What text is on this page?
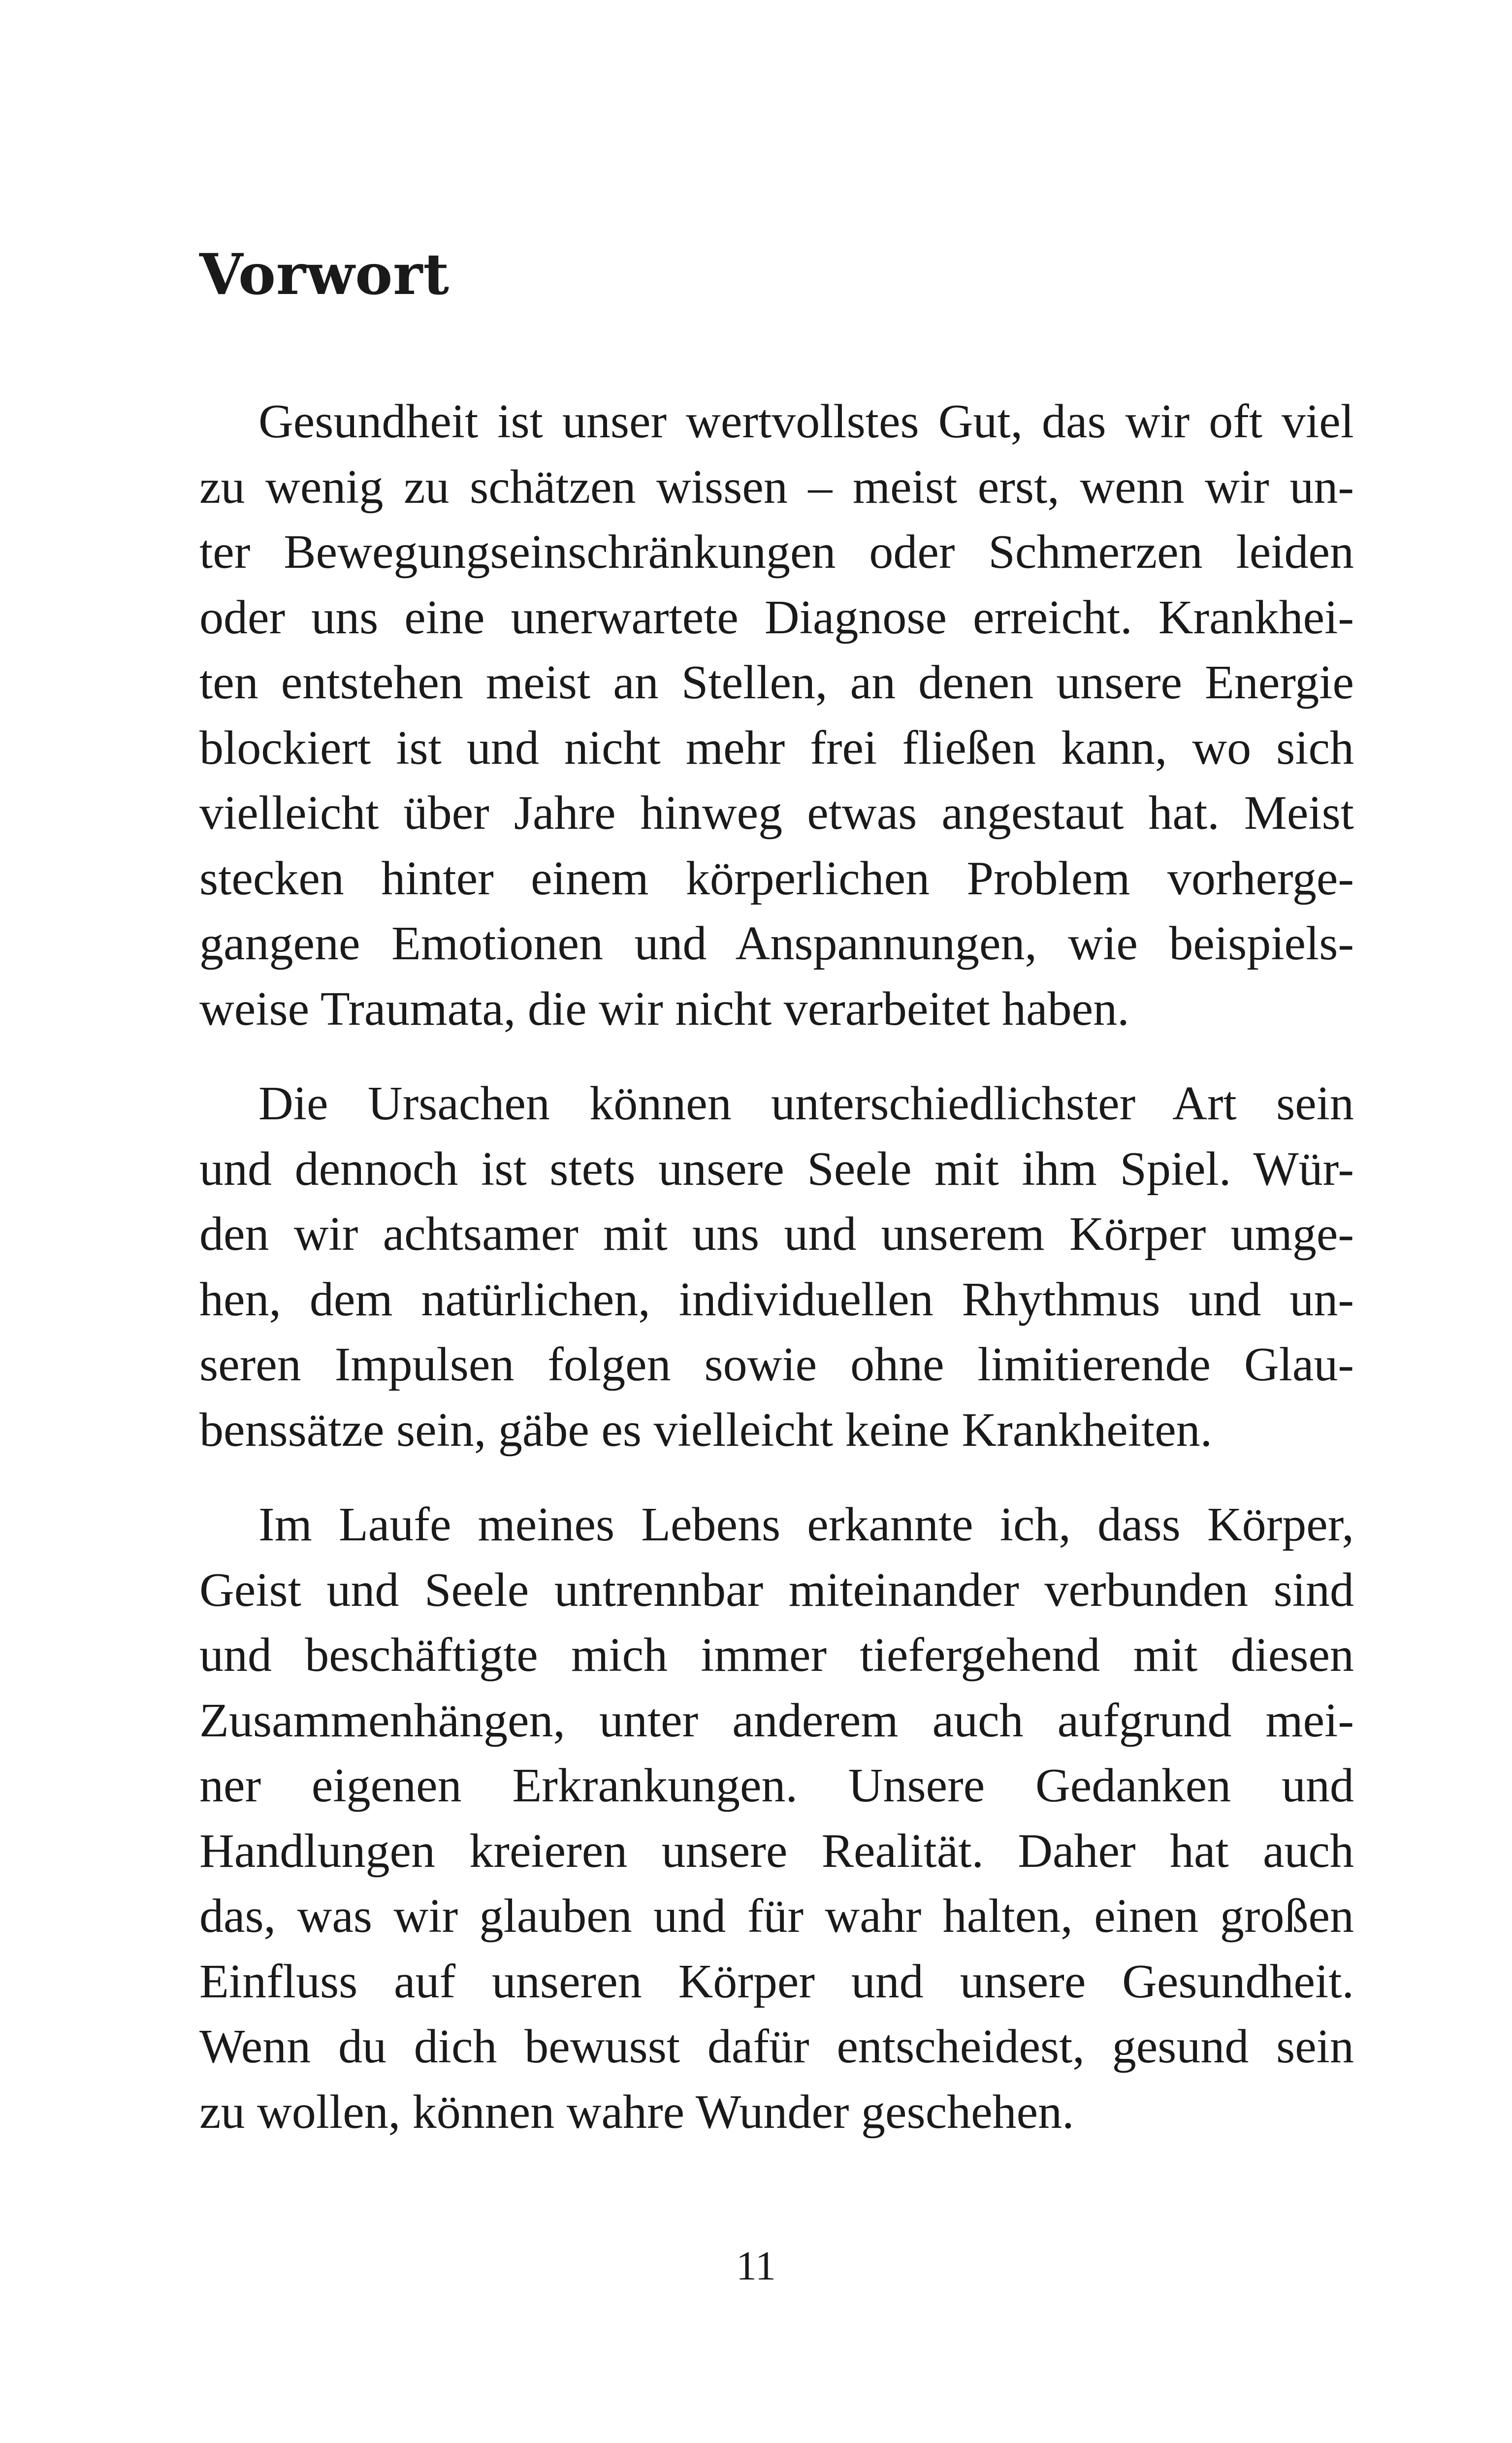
Vorwort
Gesundheit ist unser wertvollstes Gut, das wir oft viel
zu wenig zu schätzen wissen – meist erst, wenn wir un-
ter Bewegungseinschränkungen oder Schmerzen leiden
oder uns eine unerwartete Diagnose erreicht. Krankhei-
ten entstehen meist an Stellen, an denen unsere Energie
blockiert ist und nicht mehr frei fließen kann, wo sich
vielleicht über Jahre hinweg etwas angestaut hat. Meist
stecken hinter einem körperlichen Problem vorherge-
gangene Emotionen und Anspannungen, wie beispiels-
weise Traumata, die wir nicht verarbeitet haben.
Die Ursachen können unterschiedlichster Art sein
und dennoch ist stets unsere Seele mit ihm Spiel. Wür-
den wir achtsamer mit uns und unserem Körper umge-
hen, dem natürlichen, individuellen Rhythmus und un-
seren Impulsen folgen sowie ohne limitierende Glau-
benssätze sein, gäbe es vielleicht keine Krankheiten.
Im Laufe meines Lebens erkannte ich, dass Körper,
Geist und Seele untrennbar miteinander verbunden sind
und beschäftigte mich immer tiefergehend mit diesen
Zusammenhängen, unter anderem auch aufgrund mei-
ner eigenen Erkrankungen. Unsere Gedanken und
Handlungen kreieren unsere Realität. Daher hat auch
das, was wir glauben und für wahr halten, einen großen
Einfluss auf unseren Körper und unsere Gesundheit.
Wenn du dich bewusst dafür entscheidest, gesund sein
zu wollen, können wahre Wunder geschehen.
11
